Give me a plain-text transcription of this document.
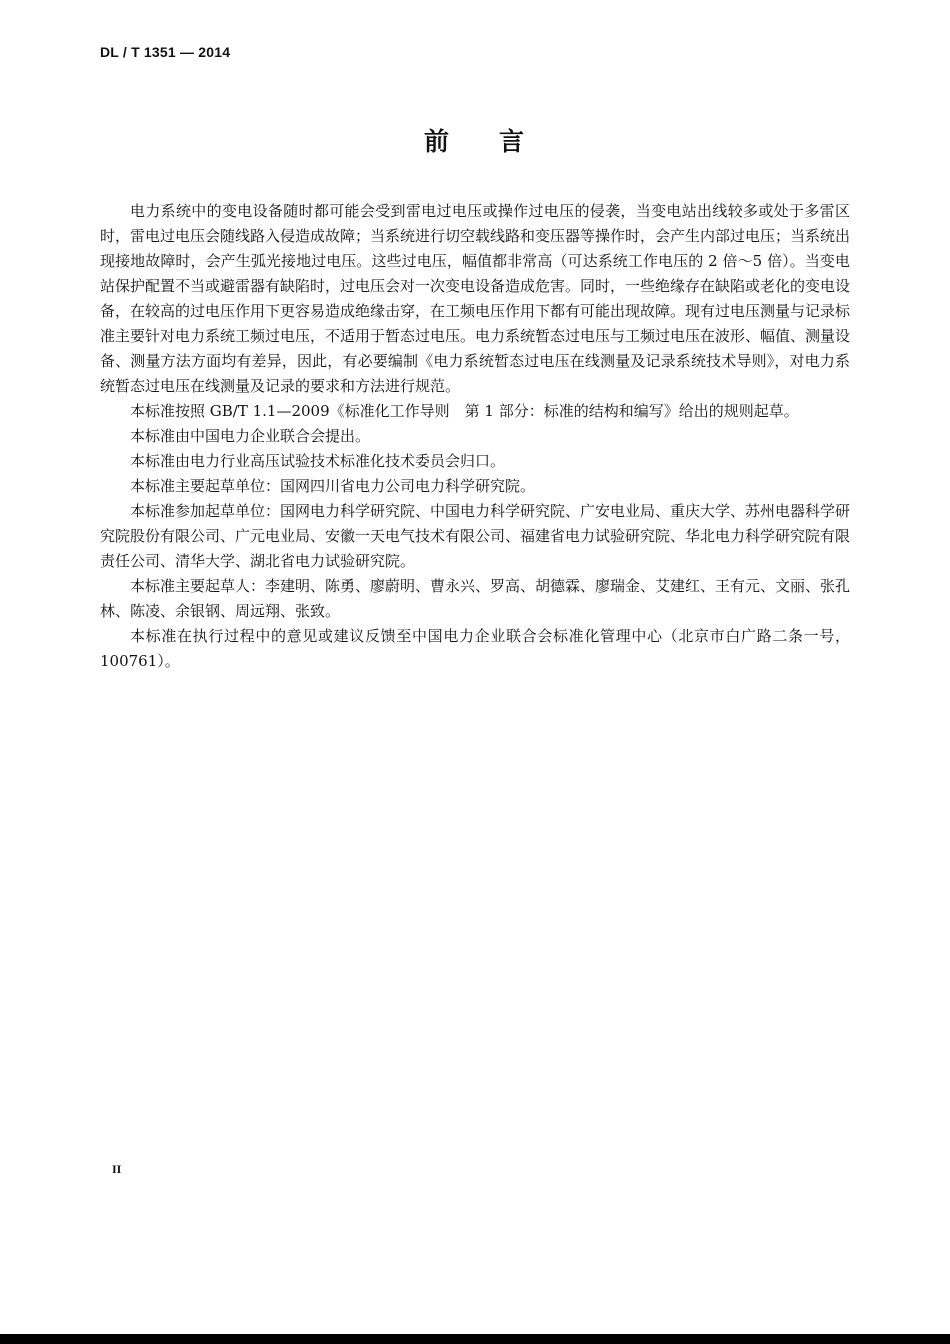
DL / T 1351 — 2014
前 言

电力系统中的变电设备随时都可能会受到雷电过电压或操作过电压的侵袭，当变电站出线较多或处于多雷区时，雷电过电压会随线路入侵造成故障；当系统进行切空载线路和变压器等操作时，会产生内部过电压；当系统出现接地故障时，会产生弧光接地过电压。这些过电压，幅值都非常高（可达系统工作电压的 2 倍～5 倍）。当变电站保护配置不当或避雷器有缺陷时，过电压会对一次变电设备造成危害。同时，一些绝缘存在缺陷或老化的变电设备，在较高的过电压作用下更容易造成绝缘击穿，在工频电压作用下都有可能出现故障。现有过电压测量与记录标准主要针对电力系统工频过电压，不适用于暂态过电压。电力系统暂态过电压与工频过电压在波形、幅值、测量设备、测量方法方面均有差异，因此，有必要编制《电力系统暂态过电压在线测量及记录系统技术导则》，对电力系统暂态过电压在线测量及记录的要求和方法进行规范。

本标准按照 GB/T 1.1—2009《标准化工作导则　第 1 部分：标准的结构和编写》给出的规则起草。

本标准由中国电力企业联合会提出。

本标准由电力行业高压试验技术标准化技术委员会归口。

本标准主要起草单位：国网四川省电力公司电力科学研究院。

本标准参加起草单位：国网电力科学研究院、中国电力科学研究院、广安电业局、重庆大学、苏州电器科学研究院股份有限公司、广元电业局、安徽一天电气技术有限公司、福建省电力试验研究院、华北电力科学研究院有限责任公司、清华大学、湖北省电力试验研究院。

本标准主要起草人：李建明、陈勇、廖蔚明、曹永兴、罗高、胡德霖、廖瑞金、艾建红、王有元、文丽、张孔林、陈凌、余银钢、周远翔、张致。

本标准在执行过程中的意见或建议反馈至中国电力企业联合会标准化管理中心（北京市白广路二条一号，100761）。

II
